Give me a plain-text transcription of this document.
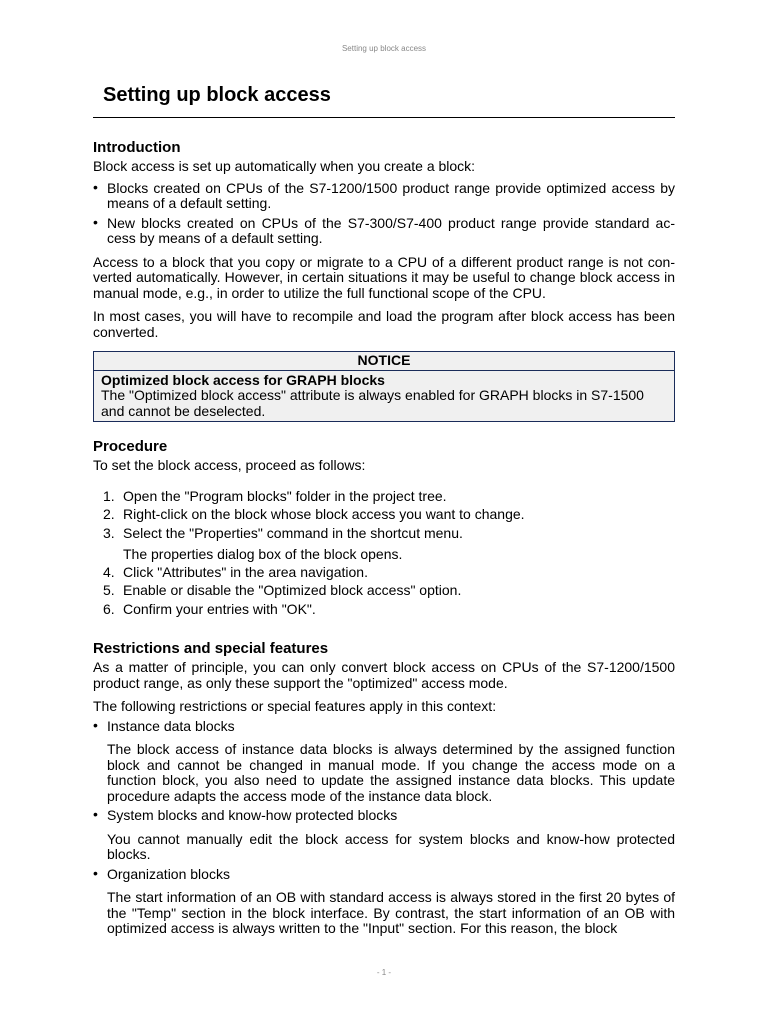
Setting up block access
Setting up block access
Introduction

Block access is set up automatically when you create a block:

• Blocks created on CPUs of the S7-1200/1500 product range provide optimized access by means of a default setting.
• New blocks created on CPUs of the S7-300/S7-400 product range provide standard ac-cess by means of a default setting.

Access to a block that you copy or migrate to a CPU of a different product range is not con-verted automatically. However, in certain situations it may be useful to change block access in manual mode, e.g., in order to utilize the full functional scope of the CPU.

In most cases, you will have to recompile and load the program after block access has been converted.

NOTICE
Optimized block access for GRAPH blocks
The "Optimized block access" attribute is always enabled for GRAPH blocks in S7-1500 and cannot be deselected.
Procedure

To set the block access, proceed as follows:

1. Open the "Program blocks" folder in the project tree.
2. Right-click on the block whose block access you want to change.
3. Select the "Properties" command in the shortcut menu.
The properties dialog box of the block opens.
4. Click "Attributes" in the area navigation.
5. Enable or disable the "Optimized block access" option.
6. Confirm your entries with "OK".
Restrictions and special features

As a matter of principle, you can only convert block access on CPUs of the S7-1200/1500 product range, as only these support the "optimized" access mode.

The following restrictions or special features apply in this context:

• Instance data blocks

The block access of instance data blocks is always determined by the assigned function block and cannot be changed in manual mode. If you change the access mode on a function block, you also need to update the assigned instance data blocks. This update procedure adapts the access mode of the instance data block.

• System blocks and know-how protected blocks

You cannot manually edit the block access for system blocks and know-how protected blocks.

• Organization blocks

The start information of an OB with standard access is always stored in the first 20 bytes of the "Temp" section in the block interface. By contrast, the start information of an OB with optimized access is always written to the "Input" section. For this reason, the block

- 1 -
